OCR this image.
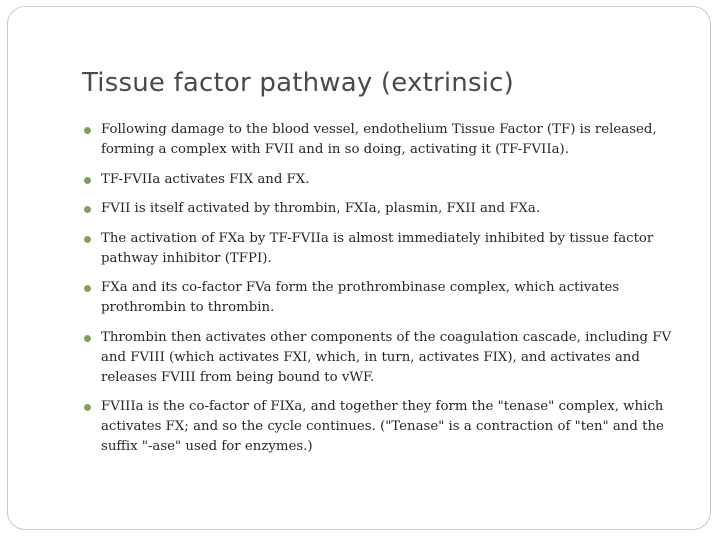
Tissue factor pathway (extrinsic)
Following damage to the blood vessel, endothelium Tissue Factor (TF) is released, forming a complex with FVII and in so doing, activating it (TF-FVIIa).
TF-FVIIa activates FIX and FX.
FVII is itself activated by thrombin, FXIa, plasmin, FXII and FXa.
The activation of FXa by TF-FVIIa is almost immediately inhibited by tissue factor pathway inhibitor (TFPI).
FXa and its co-factor FVa form the prothrombinase complex, which activates prothrombin to thrombin.
Thrombin then activates other components of the coagulation cascade, including FV and FVIII (which activates FXI, which, in turn, activates FIX), and activates and releases FVIII from being bound to vWF.
FVIIIa is the co-factor of FIXa, and together they form the "tenase" complex, which activates FX; and so the cycle continues. ("Tenase" is a contraction of "ten" and the suffix "-ase" used for enzymes.)
